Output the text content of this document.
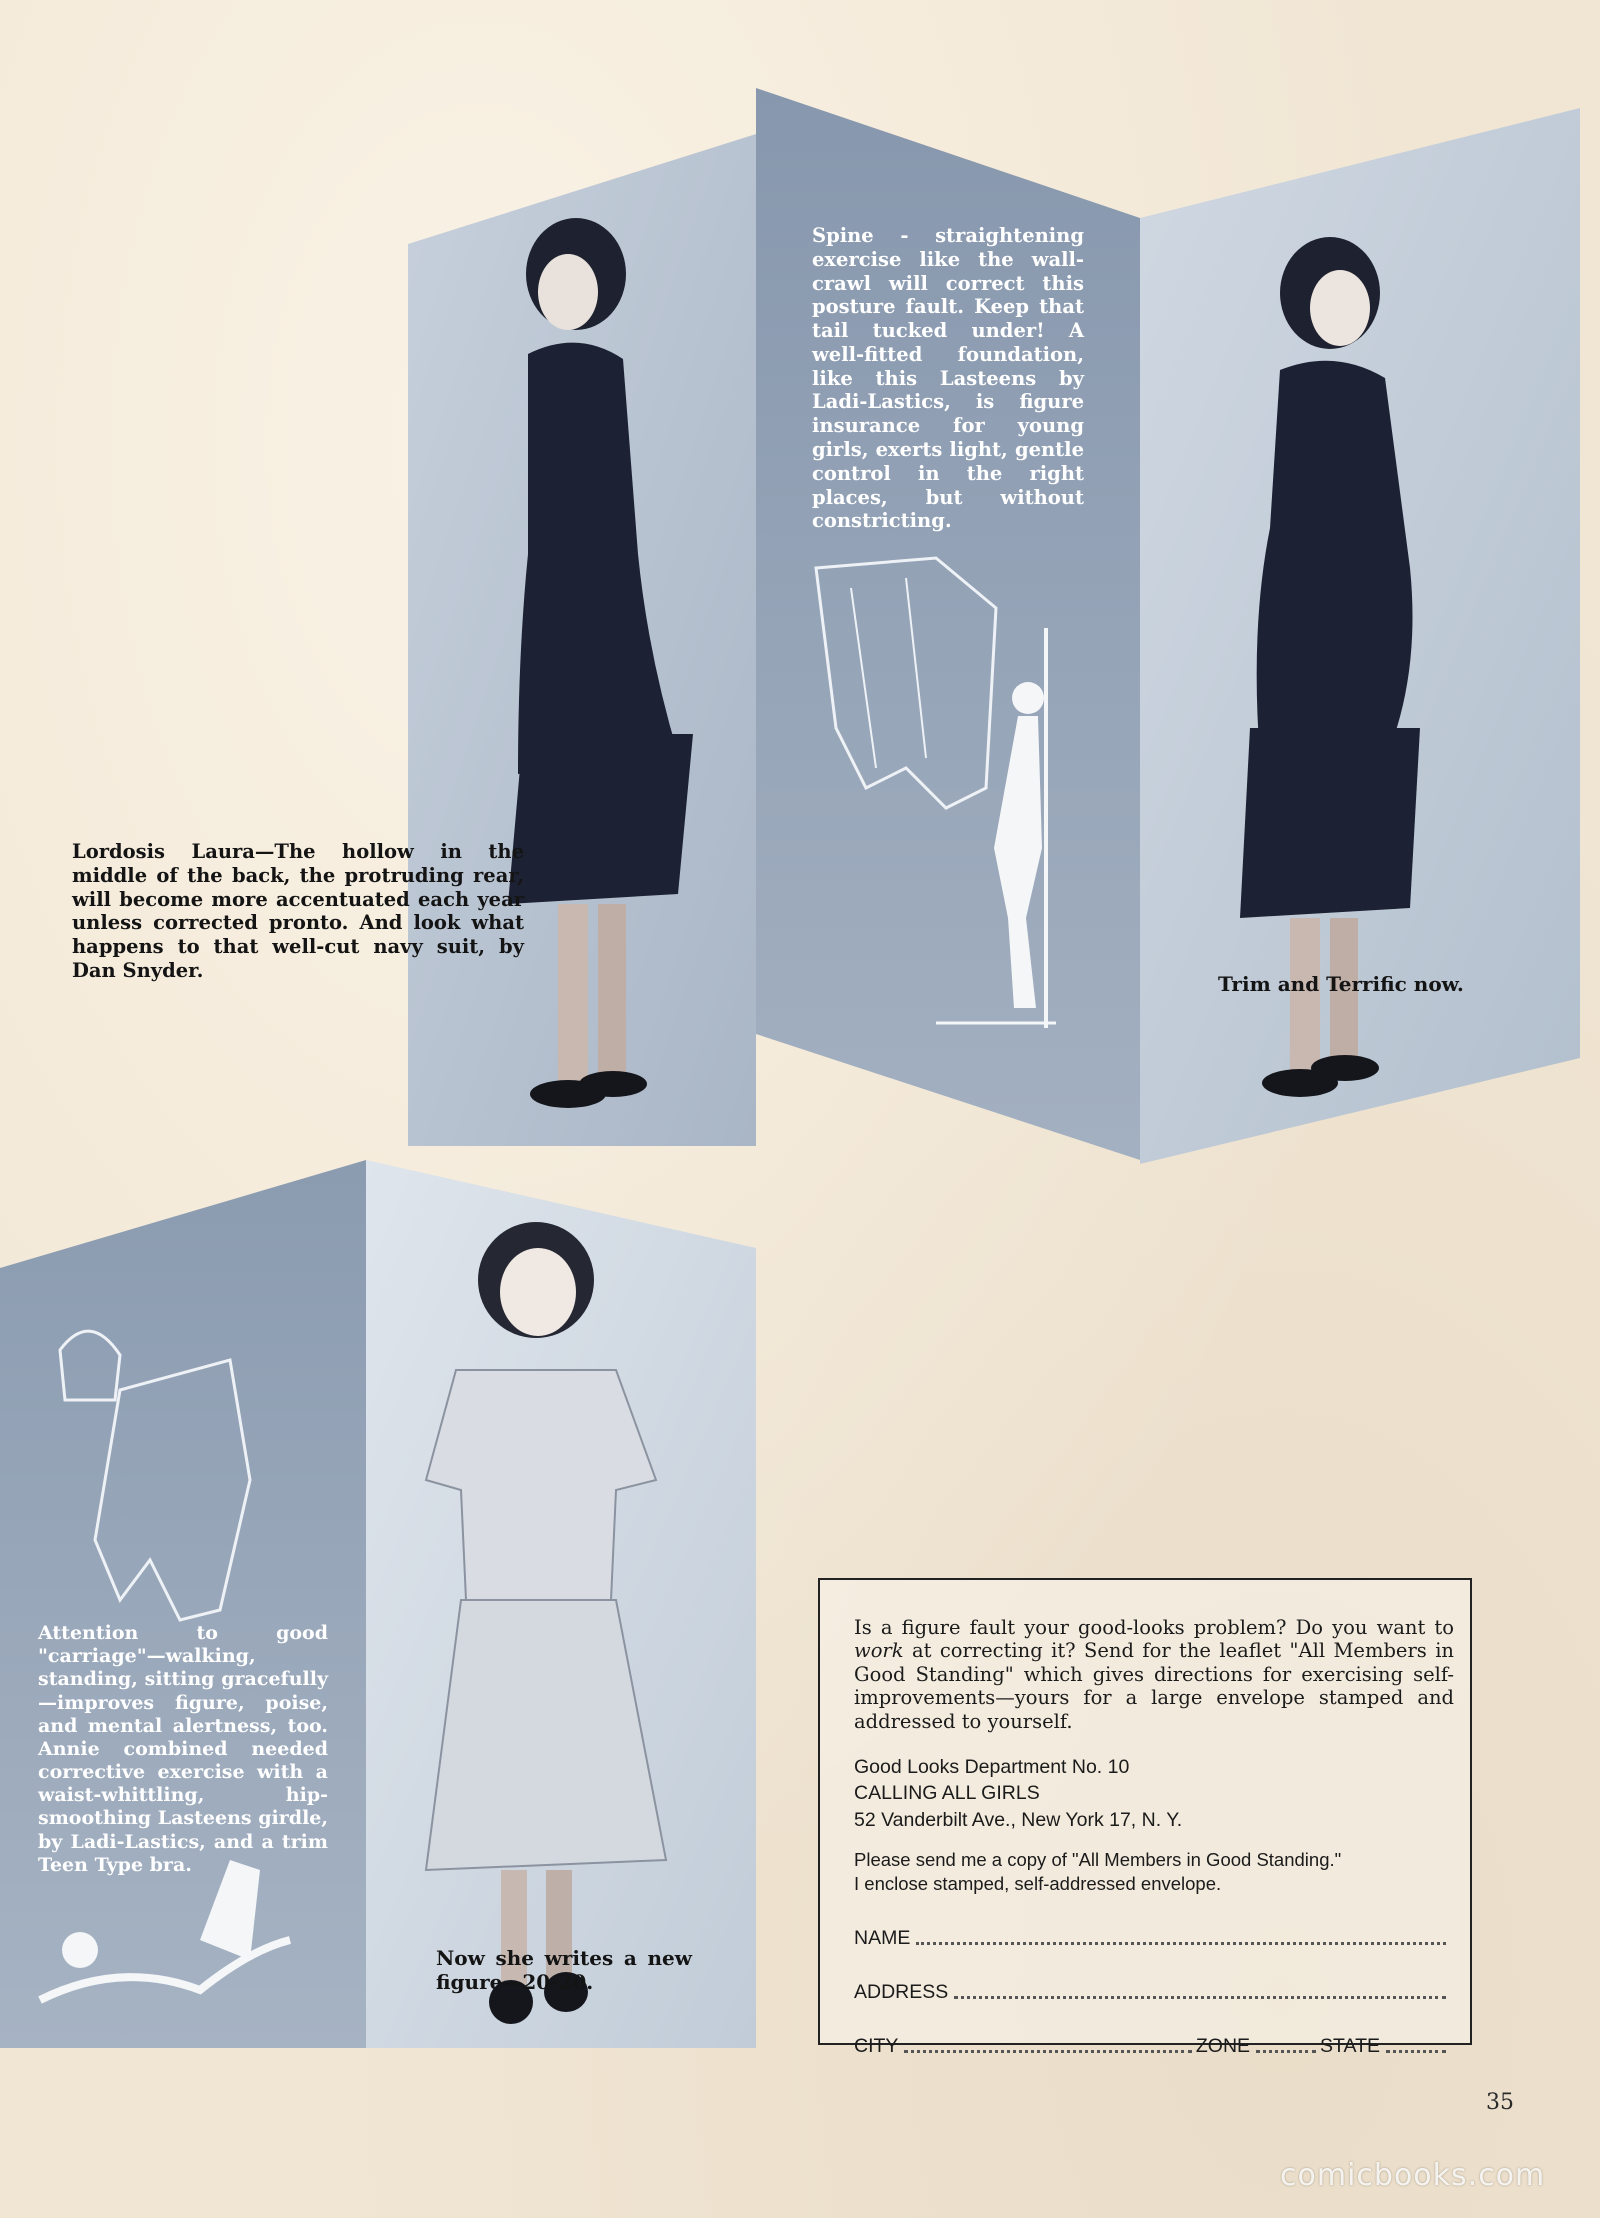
Lordosis Laura—The hollow in the middle of the back, the protruding rear, will become more accentuated each year unless corrected pronto. And look what happens to that well-cut navy suit, by Dan Snyder.
Spine - straightening exercise like the wall-crawl will correct this posture fault. Keep that tail tucked under! A well-fitted foundation, like this Lasteens by Ladi-Lastics, is figure insurance for young girls, exerts light, gentle control in the right places, but without constricting.
Trim and Terrific now.
Attention to good "carriage"—walking, standing, sitting gracefully—improves figure, poise, and mental alertness, too. Annie combined needed corrective exercise with a waist-whittling, hip-smoothing Lasteens girdle, by Ladi-Lastics, and a trim Teen Type bra.
Now she writes a new figure—20-20.
Is a figure fault your good-looks problem? Do you want to work at correcting it? Send for the leaflet "All Members in Good Standing" which gives directions for exercising self-improvements—yours for a large envelope stamped and addressed to yourself.
Good Looks Department No. 10
CALLING ALL GIRLS
52 Vanderbilt Ave., New York 17, N. Y.
Please send me a copy of "All Members in Good Standing."
I enclose stamped, self-addressed envelope.
NAME
ADDRESS
CITY	ZONE	STATE
35
comicbooks.com
